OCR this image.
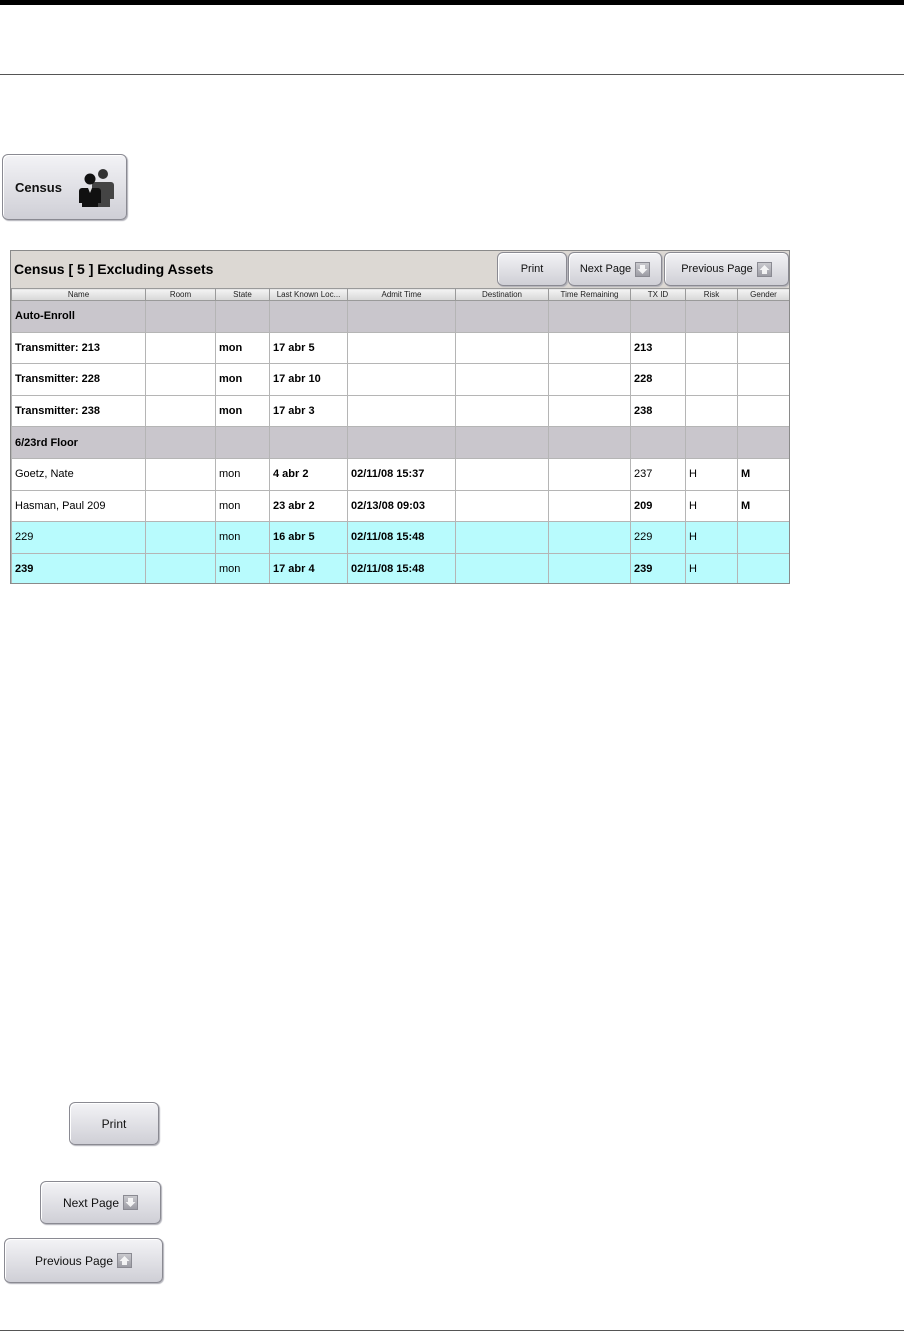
Census
Census [ 5 ] Excluding Assets	Print	Next Page	Previous Page
Name	Room	State	Last Known Loc...	Admit Time	Destination	Time Remaining	TX ID	Risk	Gender
Auto-Enroll									
Transmitter: 213		mon	17 abr 5				213		
Transmitter: 228		mon	17 abr 10				228		
Transmitter: 238		mon	17 abr 3				238		
6/23rd Floor									
Goetz, Nate		mon	4 abr 2	02/11/08 15:37			237	H	M
Hasman, Paul 209		mon	23 abr 2	02/13/08 09:03			209	H	M
229		mon	16 abr 5	02/11/08 15:48			229	H	
239		mon	17 abr 4	02/11/08 15:48			239	H	
Print
Next Page
Previous Page
